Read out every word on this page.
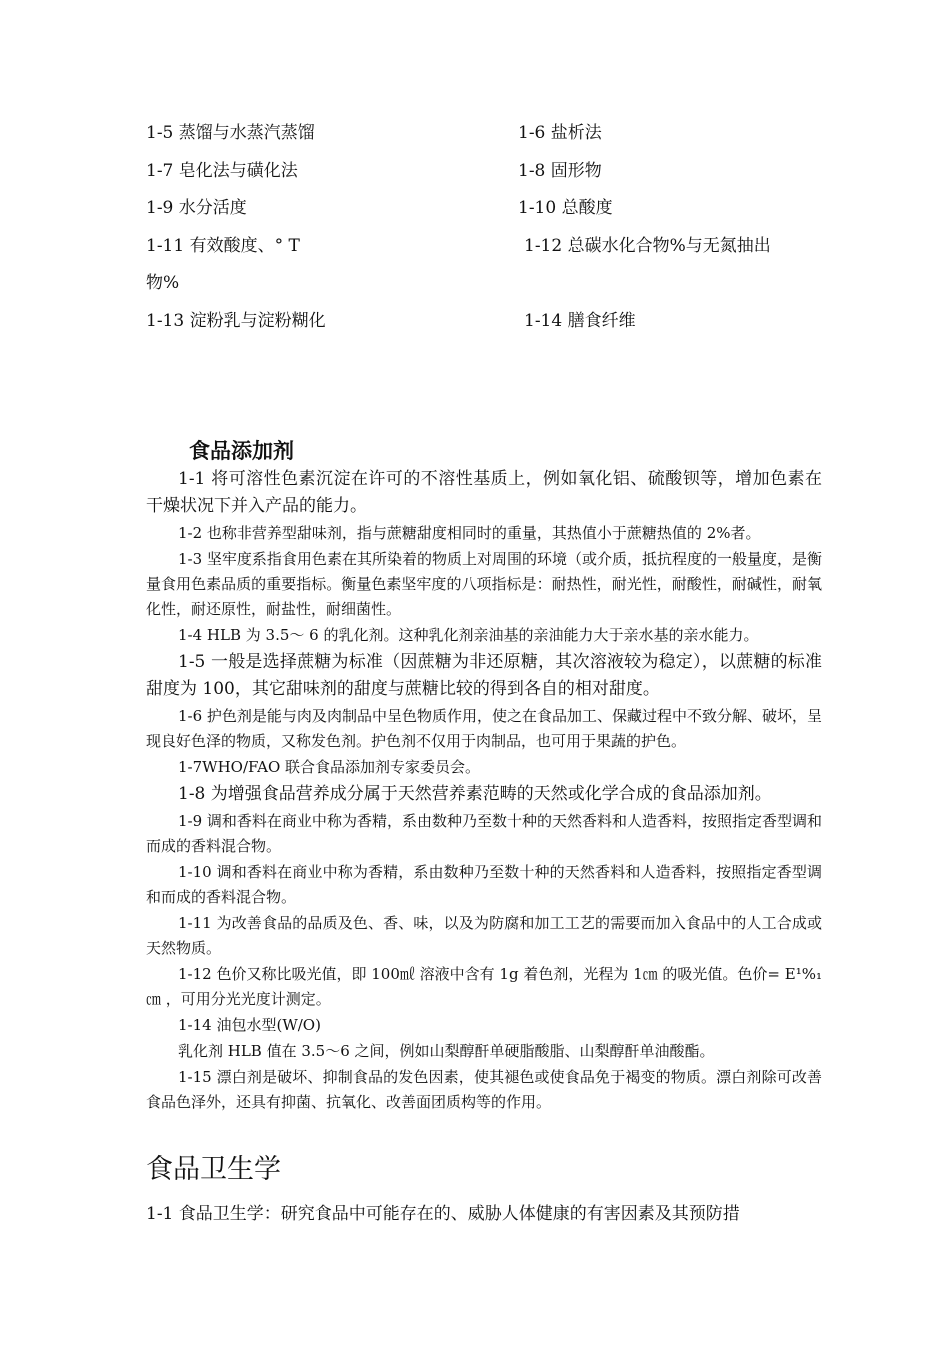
1-5 蒸馏与水蒸汽蒸馏	1-6 盐析法
1-7 皂化法与磺化法	1-8 固形物
1-9 水分活度	1-10 总酸度
1-11 有效酸度、° T	1-12 总碳水化合物%与无氮抽出
物%
1-13 淀粉乳与淀粉糊化	1-14 膳食纤维
食品添加剂

1-1 将可溶性色素沉淀在许可的不溶性基质上，例如氧化铝、硫酸钡等，增加色素在干燥状况下并入产品的能力。

1-2 也称非营养型甜味剂，指与蔗糖甜度相同时的重量，其热值小于蔗糖热值的 2%者。

1-3 坚牢度系指食用色素在其所染着的物质上对周围的环境（或介质，抵抗程度的一般量度，是衡量食用色素品质的重要指标。衡量色素坚牢度的八项指标是：耐热性，耐光性，耐酸性，耐碱性，耐氧化性，耐还原性，耐盐性，耐细菌性。

1-4 HLB 为 3.5～ 6 的乳化剂。这种乳化剂亲油基的亲油能力大于亲水基的亲水能力。

1-5 一般是选择蔗糖为标准（因蔗糖为非还原糖，其次溶液较为稳定），以蔗糖的标准甜度为 100，其它甜味剂的甜度与蔗糖比较的得到各自的相对甜度。

1-6 护色剂是能与肉及肉制品中呈色物质作用，使之在食品加工、保藏过程中不致分解、破坏，呈现良好色泽的物质，又称发色剂。护色剂不仅用于肉制品，也可用于果蔬的护色。

1-7WHO/FAO 联合食品添加剂专家委员会。

1-8 为增强食品营养成分属于天然营养素范畴的天然或化学合成的食品添加剂。

1-9 调和香料在商业中称为香精，系由数种乃至数十种的天然香料和人造香料，按照指定香型调和而成的香料混合物。

1-10 调和香料在商业中称为香精，系由数种乃至数十种的天然香料和人造香料，按照指定香型调和而成的香料混合物。

1-11 为改善食品的品质及色、香、味，以及为防腐和加工工艺的需要而加入食品中的人工合成或天然物质。

1-12 色价又称比吸光值，即 100㎖ 溶液中含有 1g 着色剂，光程为 1㎝ 的吸光值。色价= E¹%₁㎝ ，可用分光光度计测定。

1-14 油包水型(W/O)

乳化剂 HLB 值在 3.5～6 之间，例如山梨醇酐单硬脂酸脂、山梨醇酐单油酸酯。

1-15 漂白剂是破坏、抑制食品的发色因素，使其褪色或使食品免于褐变的物质。漂白剂除可改善食品色泽外，还具有抑菌、抗氧化、改善面团质构等的作用。

食品卫生学
1-1 食品卫生学：研究食品中可能存在的、威胁人体健康的有害因素及其预防措
